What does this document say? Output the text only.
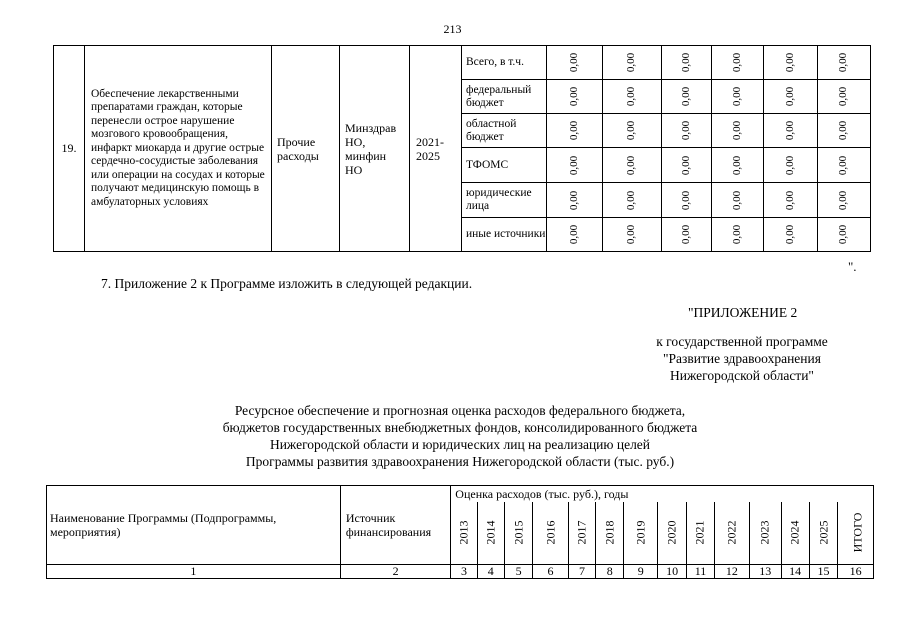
213
19.	Обеспечение лекарственными препаратами граждан, которые перенесли острое нарушение мозгового кровообращения, инфаркт миокарда и другие острые сердечно-сосудистые заболевания или операции на сосудах и которые получают медицинскую помощь в амбулаторных условиях	Прочие расходы	Минздрав НО, минфин НО	2021-2025	Всего, в т.ч.	0,00	0,00	0,00	0,00	0,00	0,00
					федеральный бюджет	0,00	0,00	0,00	0,00	0,00	0,00
					областной бюджет	0,00	0,00	0,00	0,00	0,00	0,00
					ТФОМС	0,00	0,00	0,00	0,00	0,00	0,00
					юридические лица	0,00	0,00	0,00	0,00	0,00	0,00
					иные источники	0,00	0,00	0,00	0,00	0,00	0,00
".
7. Приложение 2 к Программе изложить в следующей редакции.
"ПРИЛОЖЕНИЕ 2
к государственной программе
"Развитие здравоохранения
Нижегородской области"
Ресурсное обеспечение и прогнозная оценка расходов федерального бюджета,
бюджетов государственных внебюджетных фондов, консолидированного бюджета
Нижегородской области и юридических лиц на реализацию целей
Программы развития здравоохранения Нижегородской области (тыс. руб.)
Наименование Программы (Подпрограммы, мероприятия)	Источник финансирования	Оценка расходов (тыс. руб.), годы													
		2013	2014	2015	2016	2017	2018	2019	2020	2021	2022	2023	2024	2025	ИТОГО
1	2	3	4	5	6	7	8	9	10	11	12	13	14	15	16
